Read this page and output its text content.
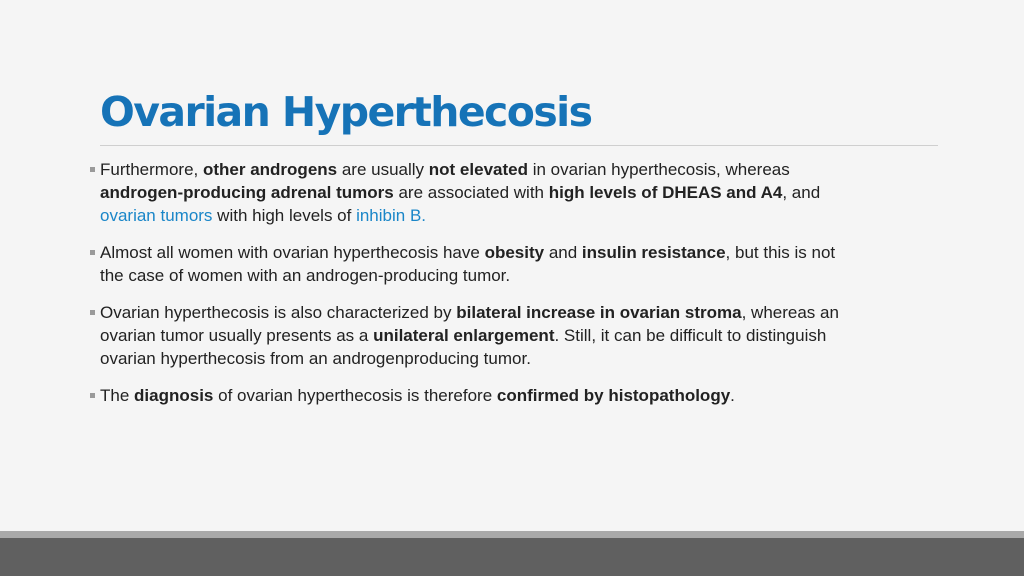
Ovarian Hyperthecosis
Furthermore, other androgens are usually not elevated in ovarian hyperthecosis, whereas
androgen-producing adrenal tumors are associated with high levels of DHEAS and A4, and
ovarian tumors with high levels of inhibin B.
Almost all women with ovarian hyperthecosis have obesity and insulin resistance, but this is not
the case of women with an androgen-producing tumor.
Ovarian hyperthecosis is also characterized by bilateral increase in ovarian stroma, whereas an
ovarian tumor usually presents as a unilateral enlargement. Still, it can be difficult to distinguish
ovarian hyperthecosis from an androgenproducing tumor.
The diagnosis of ovarian hyperthecosis is therefore confirmed by histopathology.
